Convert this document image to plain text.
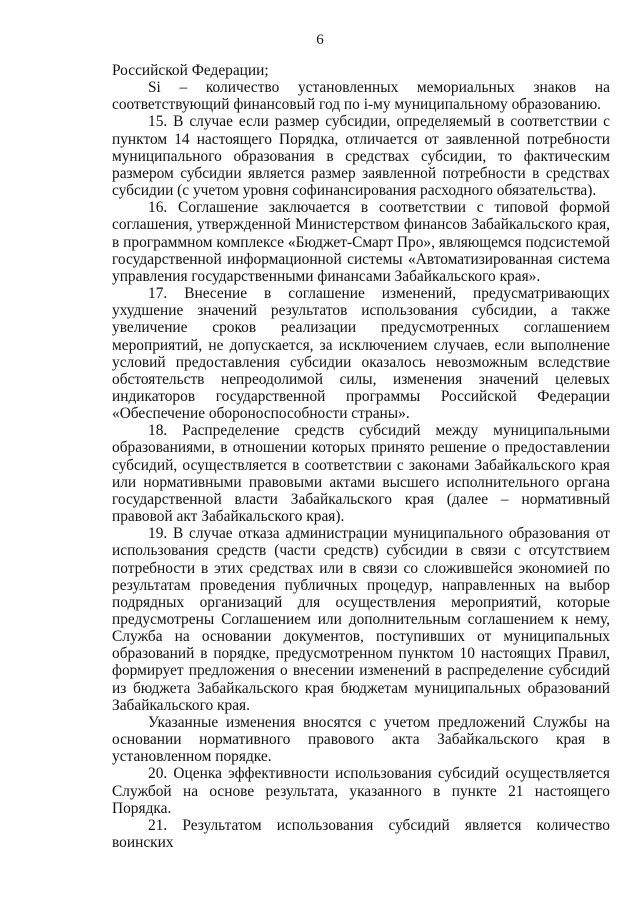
6

Российской Федерации;

Si – количество установленных мемориальных знаков на соответствующий финансовый год по i-му муниципальному образованию.

15. В случае если размер субсидии, определяемый в соответствии с пунктом 14 настоящего Порядка, отличается от заявленной потребности муниципального образования в средствах субсидии, то фактическим размером субсидии является размер заявленной потребности в средствах субсидии (с учетом уровня софинансирования расходного обязательства).

16. Соглашение заключается в соответствии с типовой формой соглашения, утвержденной Министерством финансов Забайкальского края, в программном комплексе «Бюджет-Смарт Про», являющемся подсистемой государственной информационной системы «Автоматизированная система управления государственными финансами Забайкальского края».

17. Внесение в соглашение изменений, предусматривающих ухудшение значений результатов использования субсидии, а также увеличение сроков реализации предусмотренных соглашением мероприятий, не допускается, за исключением случаев, если выполнение условий предоставления субсидии оказалось невозможным вследствие обстоятельств непреодолимой силы, изменения значений целевых индикаторов государственной программы Российской Федерации «Обеспечение обороноспособности страны».

18. Распределение средств субсидий между муниципальными образованиями, в отношении которых принято решение о предоставлении субсидий, осуществляется в соответствии с законами Забайкальского края или нормативными правовыми актами высшего исполнительного органа государственной власти Забайкальского края (далее – нормативный правовой акт Забайкальского края).

19. В случае отказа администрации муниципального образования от использования средств (части средств) субсидии в связи с отсутствием потребности в этих средствах или в связи со сложившейся экономией по результатам проведения публичных процедур, направленных на выбор подрядных организаций для осуществления мероприятий, которые предусмотрены Соглашением или дополнительным соглашением к нему, Служба на основании документов, поступивших от муниципальных образований в порядке, предусмотренном пунктом 10 настоящих Правил, формирует предложения о внесении изменений в распределение субсидий из бюджета Забайкальского края бюджетам муниципальных образований Забайкальского края.

Указанные изменения вносятся с учетом предложений Службы на основании нормативного правового акта Забайкальского края в установленном порядке.

20. Оценка эффективности использования субсидий осуществляется Службой на основе результата, указанного в пункте 21 настоящего Порядка.

21. Результатом использования субсидий является количество воинских
